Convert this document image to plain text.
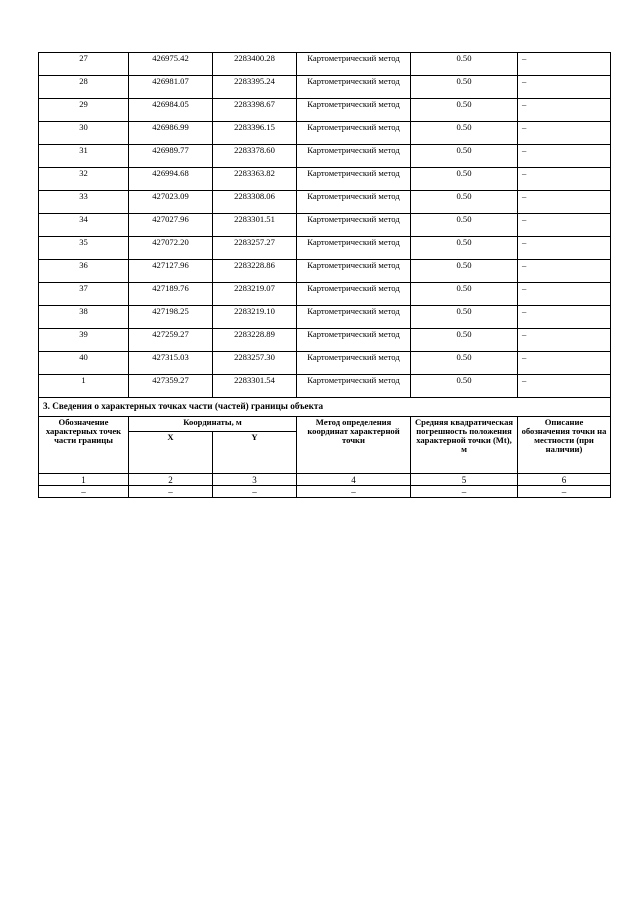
27	426975.42	2283400.28	Картометрический метод	0.50	–
28	426981.07	2283395.24	Картометрический метод	0.50	–
29	426984.05	2283398.67	Картометрический метод	0.50	–
30	426986.99	2283396.15	Картометрический метод	0.50	–
31	426989.77	2283378.60	Картометрический метод	0.50	–
32	426994.68	2283363.82	Картометрический метод	0.50	–
33	427023.09	2283308.06	Картометрический метод	0.50	–
34	427027.96	2283301.51	Картометрический метод	0.50	–
35	427072.20	2283257.27	Картометрический метод	0.50	–
36	427127.96	2283228.86	Картометрический метод	0.50	–
37	427189.76	2283219.07	Картометрический метод	0.50	–
38	427198.25	2283219.10	Картометрический метод	0.50	–
39	427259.27	2283228.89	Картометрический метод	0.50	–
40	427315.03	2283257.30	Картометрический метод	0.50	–
1	427359.27	2283301.54	Картометрический метод	0.50	–
3. Сведения о характерных точках части (частей) границы объекта					
Обозначение характерных точек части границы	Координаты, м		Метод определения координат характерной точки	Средняя квадратическая погрешность положения характерной точки (Mt), м	Описание обозначения точки на местности (при наличии)
	X	Y			
1	2	3	4	5	6
–	–	–	–	–	–
